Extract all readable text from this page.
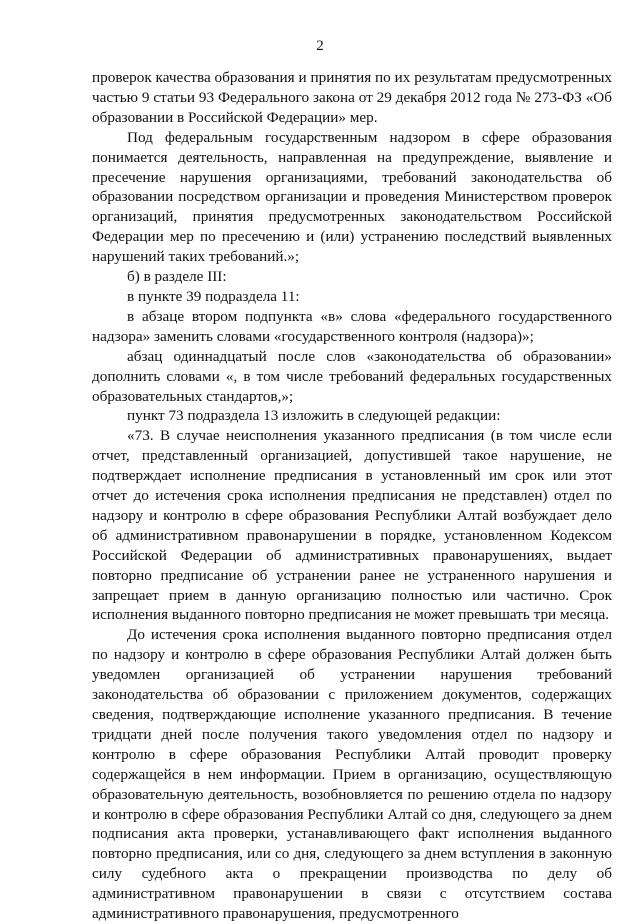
2

проверок качества образования и принятия по их результатам предусмотренных частью 9 статьи 93 Федерального закона от 29 декабря 2012 года № 273-ФЗ «Об образовании в Российской Федерации» мер.

Под федеральным государственным надзором в сфере образования понимается деятельность, направленная на предупреждение, выявление и пресечение нарушения организациями, требований законодательства об образовании посредством организации и проведения Министерством проверок организаций, принятия предусмотренных законодательством Российской Федерации мер по пресечению и (или) устранению последствий выявленных нарушений таких требований.»;

б) в разделе III:

в пункте 39 подраздела 11:

в абзаце втором подпункта «в» слова «федерального государственного надзора» заменить словами «государственного контроля (надзора)»;

абзац одиннадцатый после слов «законодательства об образовании» дополнить словами «, в том числе требований федеральных государственных образовательных стандартов,»;

пункт 73 подраздела 13 изложить в следующей редакции:

«73. В случае неисполнения указанного предписания (в том числе если отчет, представленный организацией, допустившей такое нарушение, не подтверждает исполнение предписания в установленный им срок или этот отчет до истечения срока исполнения предписания не представлен) отдел по надзору и контролю в сфере образования Республики Алтай возбуждает дело об административном правонарушении в порядке, установленном Кодексом Российской Федерации об административных правонарушениях, выдает повторно предписание об устранении ранее не устраненного нарушения и запрещает прием в данную организацию полностью или частично. Срок исполнения выданного повторно предписания не может превышать три месяца.

До истечения срока исполнения выданного повторно предписания отдел по надзору и контролю в сфере образования Республики Алтай должен быть уведомлен организацией об устранении нарушения требований законодательства об образовании с приложением документов, содержащих сведения, подтверждающие исполнение указанного предписания. В течение тридцати дней после получения такого уведомления отдел по надзору и контролю в сфере образования Республики Алтай проводит проверку содержащейся в нем информации. Прием в организацию, осуществляющую образовательную деятельность, возобновляется по решению отдела по надзору и контролю в сфере образования Республики Алтай со дня, следующего за днем подписания акта проверки, устанавливающего факт исполнения выданного повторно предписания, или со дня, следующего за днем вступления в законную силу судебного акта о прекращении производства по делу об административном правонарушении в связи с отсутствием состава административного правонарушения, предусмотренного
